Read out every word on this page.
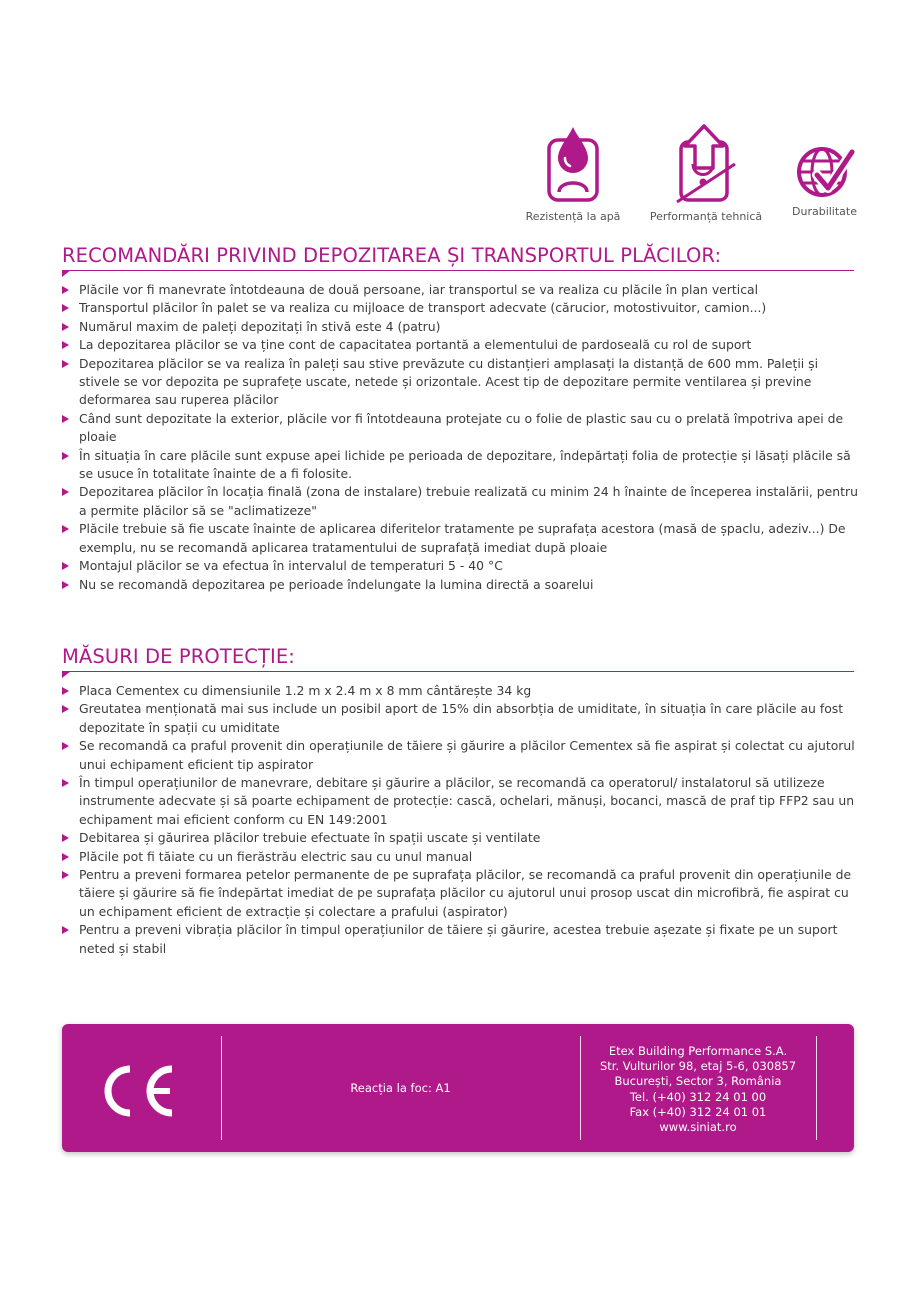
Rezistență la apă	Performanță tehnică	Durabilitate
RECOMANDĂRI PRIVIND DEPOZITAREA ȘI TRANSPORTUL PLĂCILOR:
Plăcile vor fi manevrate întotdeauna de două persoane, iar transportul se va realiza cu plăcile în plan vertical
Transportul plăcilor în palet se va realiza cu mijloace de transport adecvate (cărucior, motostivuitor, camion...)
Numărul maxim de paleți depozitați în stivă este 4 (patru)
La depozitarea plăcilor se va ține cont de capacitatea portantă a elementului de pardoseală cu rol de suport
Depozitarea plăcilor se va realiza în paleți sau stive prevăzute cu distanțieri amplasați la distanță de 600 mm. Paleții și stivele se vor depozita pe suprafețe uscate, netede și orizontale. Acest tip de depozitare permite ventilarea și previne deformarea sau ruperea plăcilor
Când sunt depozitate la exterior, plăcile vor fi întotdeauna protejate cu o folie de plastic sau cu o prelată împotriva apei de ploaie
În situația în care plăcile sunt expuse apei lichide pe perioada de depozitare, îndepărtați folia de protecție și lăsați plăcile să se usuce în totalitate înainte de a fi folosite.
Depozitarea plăcilor în locația finală (zona de instalare) trebuie realizată cu minim 24 h înainte de începerea instalării, pentru a permite plăcilor să se "aclimatizeze"
Plăcile trebuie să fie uscate înainte de aplicarea diferitelor tratamente pe suprafața acestora (masă de șpaclu, adeziv...) De exemplu, nu se recomandă aplicarea tratamentului de suprafață imediat după ploaie
Montajul plăcilor se va efectua în intervalul de temperaturi 5 - 40 °C
Nu se recomandă depozitarea pe perioade îndelungate la lumina directă a soarelui
MĂSURI DE PROTECȚIE:
Placa Cementex cu dimensiunile 1.2 m x 2.4 m x 8 mm cântărește 34 kg
Greutatea menționată mai sus include un posibil aport de 15% din absorbția de umiditate, în situația în care plăcile au fost depozitate în spații cu umiditate
Se recomandă ca praful provenit din operațiunile de tăiere și găurire a plăcilor Cementex să fie aspirat și colectat cu ajutorul unui echipament eficient tip aspirator
În timpul operațiunilor de manevrare, debitare și găurire a plăcilor, se recomandă ca operatorul/ instalatorul să utilizeze instrumente adecvate și să poarte echipament de protecție: cască, ochelari, mănuși, bocanci, mască de praf tip FFP2 sau un echipament mai eficient conform cu EN 149:2001
Debitarea și găurirea plăcilor trebuie efectuate în spații uscate și ventilate
Plăcile pot fi tăiate cu un fierăstrău electric sau cu unul manual
Pentru a preveni formarea petelor permanente de pe suprafața plăcilor, se recomandă ca praful provenit din operațiunile de tăiere și găurire să fie îndepărtat imediat de pe suprafața plăcilor cu ajutorul unui prosop uscat din microfibră, fie aspirat cu un echipament eficient de extracție și colectare a prafului (aspirator)
Pentru a preveni vibrația plăcilor în timpul operațiunilor de tăiere și găurire, acestea trebuie așezate și fixate pe un suport neted și stabil
Reacția la foc: A1
Etex Building Performance S.A.
Str. Vulturilor 98, etaj 5-6, 030857
București, Sector 3, România
Tel. (+40) 312 24 01 00
Fax (+40) 312 24 01 01
www.siniat.ro
